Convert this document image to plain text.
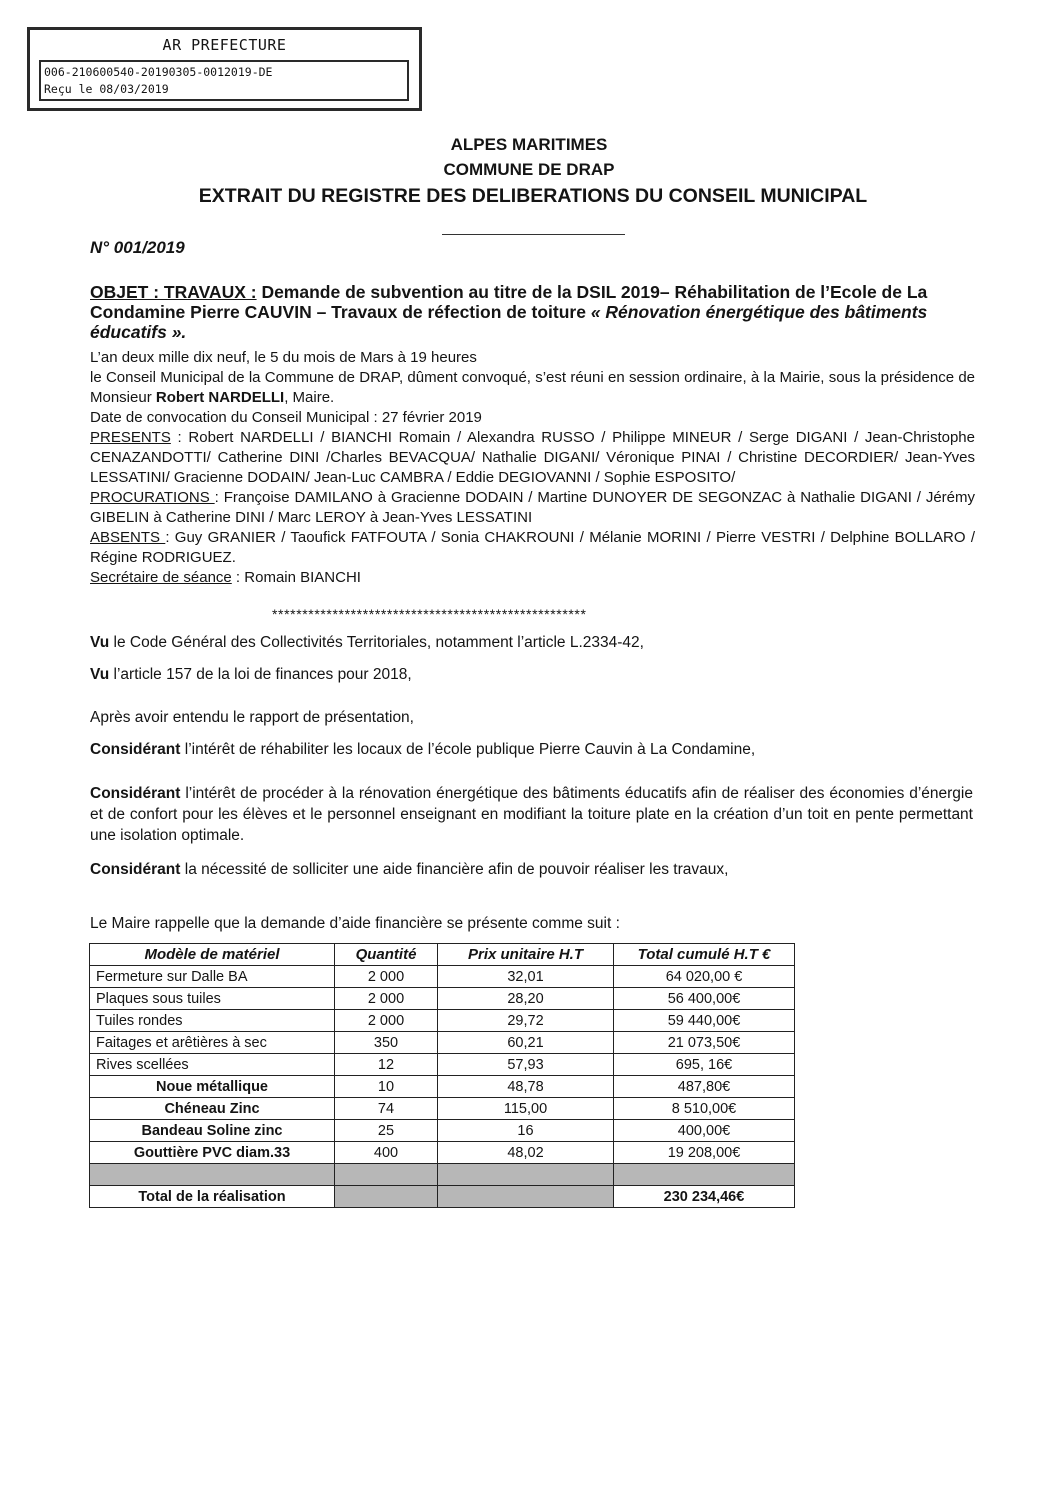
AR PREFECTURE
006-210600540-20190305-0012019-DE
Reçu le 08/03/2019
ALPES MARITIMES
COMMUNE DE DRAP
EXTRAIT DU REGISTRE DES DELIBERATIONS DU CONSEIL MUNICIPAL
N° 001/2019
OBJET : TRAVAUX : Demande de subvention au titre de la DSIL 2019– Réhabilitation de l’Ecole de La Condamine Pierre CAUVIN – Travaux de réfection de toiture « Rénovation énergétique des bâtiments éducatifs ».
L’an deux mille dix neuf, le 5 du mois de Mars à 19 heures
le Conseil Municipal de la Commune de DRAP, dûment convoqué, s’est réuni en session ordinaire, à la Mairie, sous la présidence de Monsieur Robert NARDELLI, Maire.
Date de convocation du Conseil Municipal : 27 février 2019
PRESENTS : Robert NARDELLI / BIANCHI Romain / Alexandra RUSSO / Philippe MINEUR / Serge DIGANI / Jean-Christophe CENAZANDOTTI/ Catherine DINI /Charles BEVACQUA/ Nathalie DIGANI/ Véronique PINAI / Christine DECORDIER/ Jean-Yves LESSATINI/ Gracienne DODAIN/ Jean-Luc CAMBRA / Eddie DEGIOVANNI / Sophie ESPOSITO/
PROCURATIONS : Françoise DAMILANO à Gracienne DODAIN / Martine DUNOYER DE SEGONZAC à Nathalie DIGANI / Jérémy GIBELIN à Catherine DINI / Marc LEROY à Jean-Yves LESSATINI
ABSENTS : Guy GRANIER / Taoufick FATFOUTA / Sonia CHAKROUNI / Mélanie MORINI / Pierre VESTRI / Delphine BOLLARO / Régine RODRIGUEZ.
Secrétaire de séance : Romain BIANCHI
****************************************************
Vu le Code Général des Collectivités Territoriales, notamment l’article L.2334-42,
Vu l’article 157 de la loi de finances pour 2018,
Après avoir entendu le rapport de présentation,
Considérant l’intérêt de réhabiliter les locaux de l’école publique Pierre Cauvin à La Condamine,
Considérant l’intérêt de procéder à la rénovation énergétique des bâtiments éducatifs afin de réaliser des économies d’énergie et de confort pour les élèves et le personnel enseignant en modifiant la toiture plate en la création d’un toit en pente permettant une isolation optimale.
Considérant la nécessité de solliciter une aide financière afin de pouvoir réaliser les travaux,
Le Maire rappelle que la demande d’aide financière se présente comme suit :
Modèle de matériel	Quantité	Prix unitaire H.T	Total cumulé H.T €
Fermeture sur Dalle BA	2 000	32,01	64 020,00 €
Plaques sous tuiles	2 000	28,20	56 400,00€
Tuiles rondes	2 000	29,72	59 440,00€
Faitages et arêtières à sec	350	60,21	21 073,50€
Rives scellées	12	57,93	695, 16€
Noue métallique	10	48,78	487,80€
Chéneau Zinc	74	115,00	8 510,00€
Bandeau Soline zinc	25	16	400,00€
Gouttière PVC diam.33	400	48,02	19 208,00€

Total de la réalisation			230 234,46€
